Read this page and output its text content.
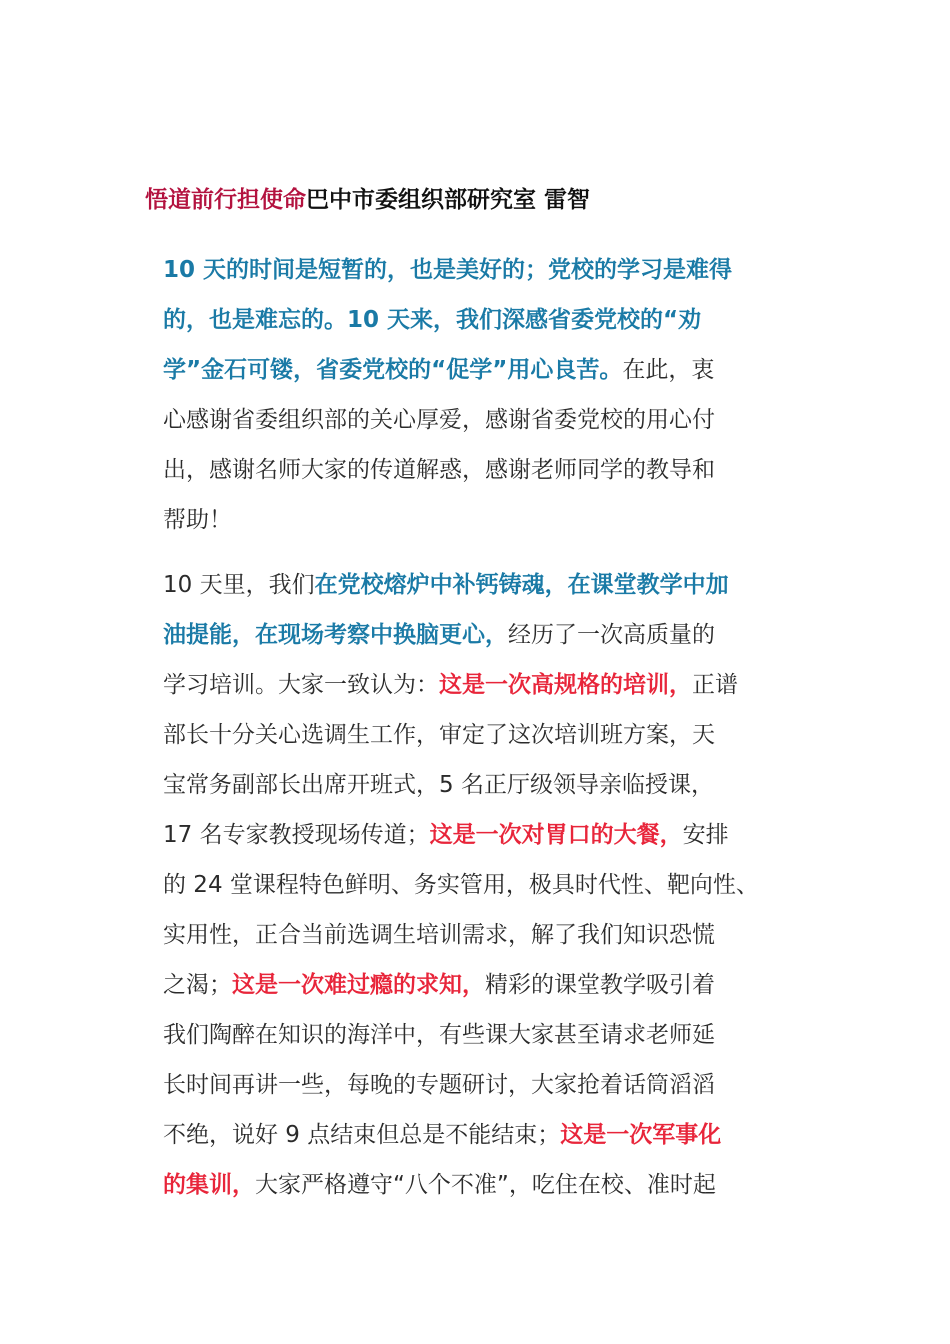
悟道前行担使命巴中市委组织部研究室 雷智
10 天的时间是短暂的，也是美好的；党校的学习是难得
的，也是难忘的。10 天来，我们深感省委党校的“劝
学”金石可镂，省委党校的“促学”用心良苦。在此，衷
心感谢省委组织部的关心厚爱，感谢省委党校的用心付
出，感谢名师大家的传道解惑，感谢老师同学的教导和
帮助！
10 天里，我们在党校熔炉中补钙铸魂，在课堂教学中加
油提能，在现场考察中换脑更心，经历了一次高质量的
学习培训。大家一致认为：这是一次高规格的培训，正谱
部长十分关心选调生工作，审定了这次培训班方案，天
宝常务副部长出席开班式，5 名正厅级领导亲临授课，
17 名专家教授现场传道；这是一次对胃口的大餐，安排
的 24 堂课程特色鲜明、务实管用，极具时代性、靶向性、
实用性，正合当前选调生培训需求，解了我们知识恐慌
之渴；这是一次难过瘾的求知，精彩的课堂教学吸引着
我们陶醉在知识的海洋中，有些课大家甚至请求老师延
长时间再讲一些，每晚的专题研讨，大家抢着话筒滔滔
不绝，说好 9 点结束但总是不能结束；这是一次军事化
的集训，大家严格遵守“八个不准”，吃住在校、准时起
